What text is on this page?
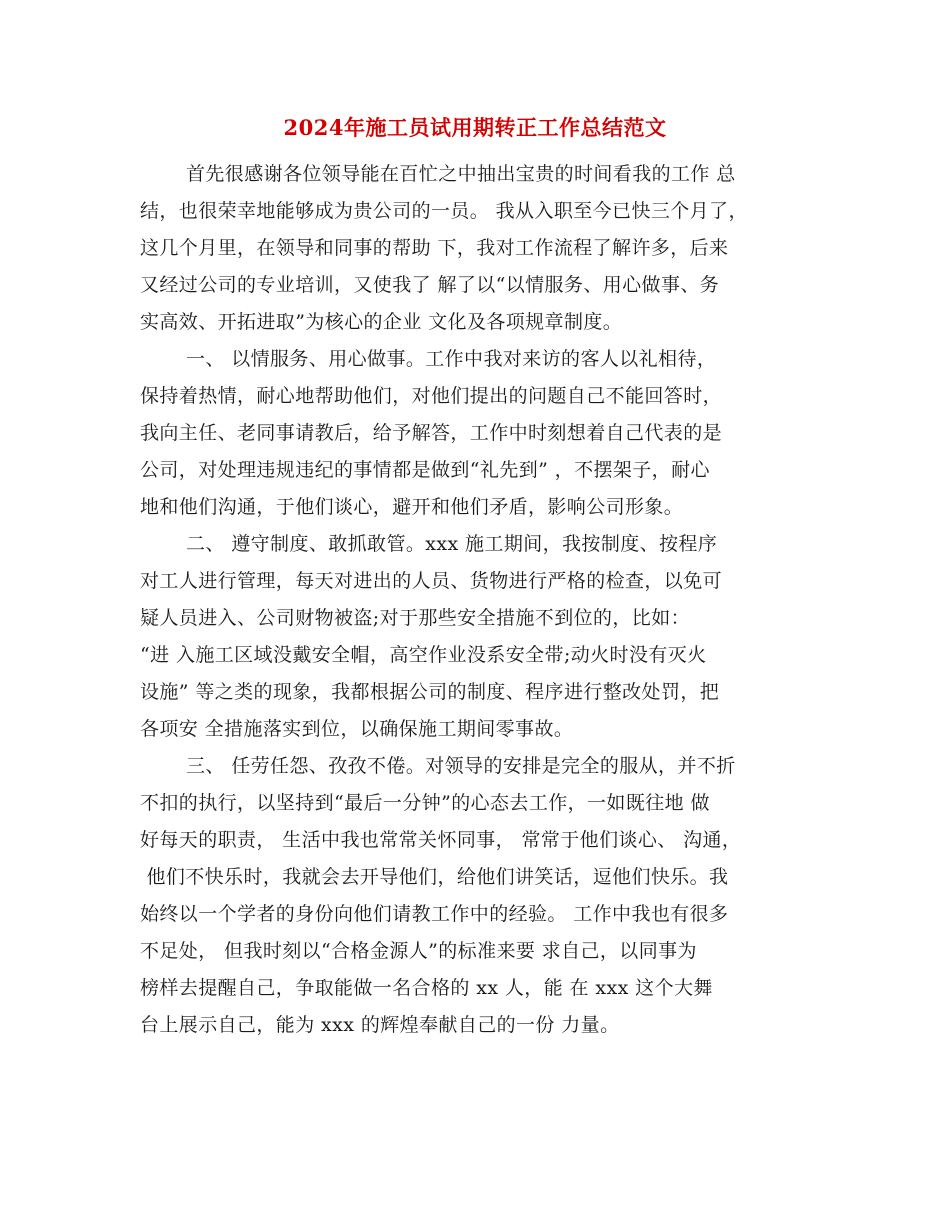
2024年施工员试用期转正工作总结范文
首先很感谢各位领导能在百忙之中抽出宝贵的时间看我的工作 总
结，也很荣幸地能够成为贵公司的一员。 我从入职至今已快三个月了，
这几个月里，在领导和同事的帮助 下，我对工作流程了解许多，后来
又经过公司的专业培训，又使我了 解了以“以情服务、用心做事、务
实高效、开拓进取”为核心的企业 文化及各项规章制度。
一、 以情服务、用心做事。工作中我对来访的客人以礼相待，
保持着热情，耐心地帮助他们，对他们提出的问题自己不能回答时，
我向主任、老同事请教后，给予解答，工作中时刻想着自己代表的是
公司，对处理违规违纪的事情都是做到“礼先到” ，不摆架子，耐心
地和他们沟通，于他们谈心，避开和他们矛盾，影响公司形象。
二、 遵守制度、敢抓敢管。xxx 施工期间，我按制度、按程序
对工人进行管理，每天对进出的人员、货物进行严格的检查，以免可
疑人员进入、公司财物被盗;对于那些安全措施不到位的，比如：
“进 入施工区域没戴安全帽，高空作业没系安全带;动火时没有灭火
设施” 等之类的现象，我都根据公司的制度、程序进行整改处罚，把
各项安 全措施落实到位，以确保施工期间零事故。
三、 任劳任怨、孜孜不倦。对领导的安排是完全的服从，并不折
不扣的执行，以坚持到“最后一分钟”的心态去工作，一如既往地 做
好每天的职责， 生活中我也常常关怀同事， 常常于他们谈心、 沟通，
他们不快乐时，我就会去开导他们，给他们讲笑话，逗他们快乐。我
始终以一个学者的身份向他们请教工作中的经验。 工作中我也有很多
不足处， 但我时刻以“合格金源人”的标准来要 求自己，以同事为
榜样去提醒自己，争取能做一名合格的 xx 人，能 在 xxx 这个大舞
台上展示自己，能为 xxx 的辉煌奉献自己的一份 力量。
